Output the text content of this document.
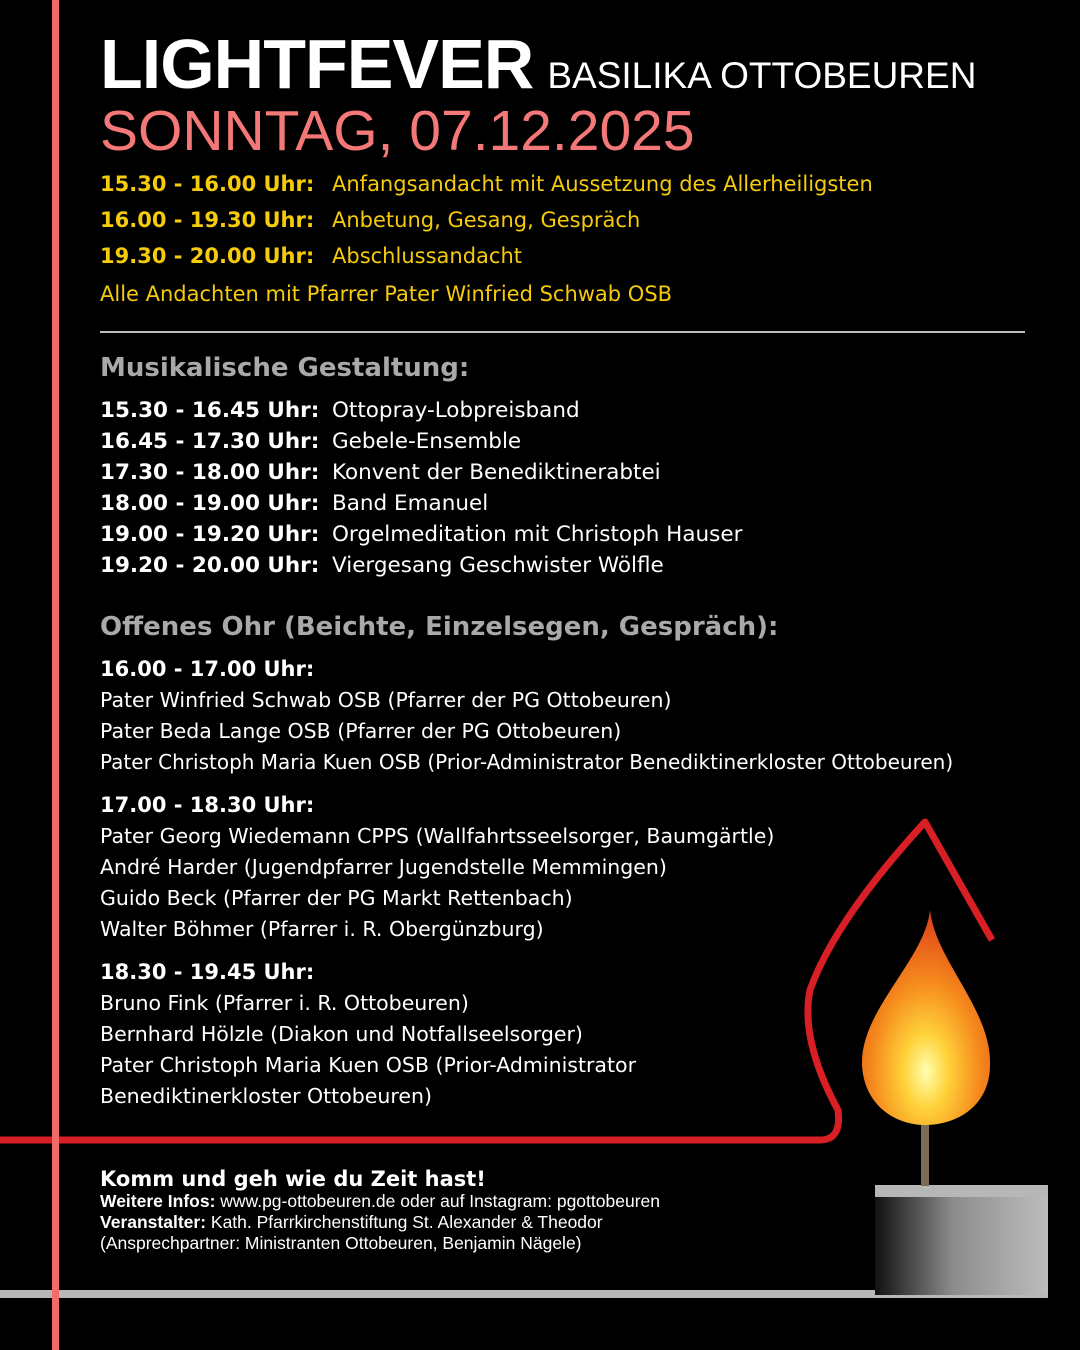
LIGHTFEVER BASILIKA OTTOBEUREN
SONNTAG, 07.12.2025
15.30 - 16.00 Uhr: Anfangsandacht mit Aussetzung des Allerheiligsten
16.00 - 19.30 Uhr: Anbetung, Gesang, Gespräch
19.30 - 20.00 Uhr: Abschlussandacht
Alle Andachten mit Pfarrer Pater Winfried Schwab OSB
Musikalische Gestaltung:
15.30 - 16.45 Uhr: Ottopray-Lobpreisband
16.45 - 17.30 Uhr: Gebele-Ensemble
17.30 - 18.00 Uhr: Konvent der Benediktinerabtei
18.00 - 19.00 Uhr: Band Emanuel
19.00 - 19.20 Uhr: Orgelmeditation mit Christoph Hauser
19.20 - 20.00 Uhr: Viergesang Geschwister Wölfle
Offenes Ohr (Beichte, Einzelsegen, Gespräch):
16.00 - 17.00 Uhr:
Pater Winfried Schwab OSB (Pfarrer der PG Ottobeuren)
Pater Beda Lange OSB (Pfarrer der PG Ottobeuren)
Pater Christoph Maria Kuen OSB (Prior-Administrator Benediktinerkloster Ottobeuren)
17.00 - 18.30 Uhr:
Pater Georg Wiedemann CPPS (Wallfahrtsseelsorger, Baumgärtle)
André Harder (Jugendpfarrer Jugendstelle Memmingen)
Guido Beck (Pfarrer der PG Markt Rettenbach)
Walter Böhmer (Pfarrer i. R. Obergünzburg)
18.30 - 19.45 Uhr:
Bruno Fink (Pfarrer i. R. Ottobeuren)
Bernhard Hölzle (Diakon und Notfallseelsorger)
Pater Christoph Maria Kuen OSB (Prior-Administrator
Benediktinerkloster Ottobeuren)
Komm und geh wie du Zeit hast!
Weitere Infos: www.pg-ottobeuren.de oder auf Instagram: pgottobeuren
Veranstalter: Kath. Pfarrkirchenstiftung St. Alexander & Theodor
(Ansprechpartner: Ministranten Ottobeuren, Benjamin Nägele)
